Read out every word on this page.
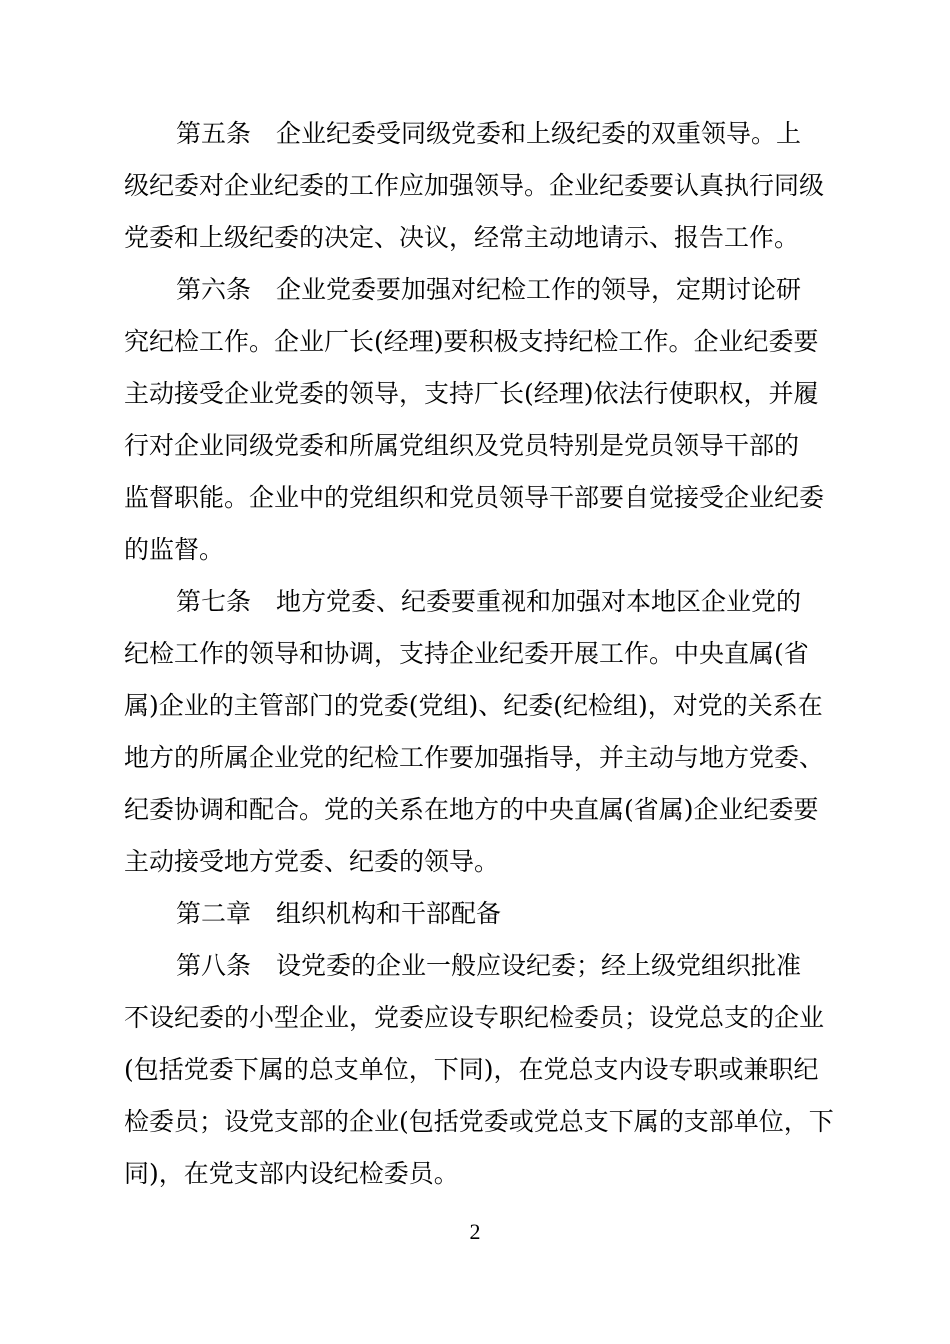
第五条　企业纪委受同级党委和上级纪委的双重领导。上
级纪委对企业纪委的工作应加强领导。企业纪委要认真执行同级
党委和上级纪委的决定、决议，经常主动地请示、报告工作。
第六条　企业党委要加强对纪检工作的领导，定期讨论研
究纪检工作。企业厂长(经理)要积极支持纪检工作。企业纪委要
主动接受企业党委的领导，支持厂长(经理)依法行使职权，并履
行对企业同级党委和所属党组织及党员特别是党员领导干部的
监督职能。企业中的党组织和党员领导干部要自觉接受企业纪委
的监督。
第七条　地方党委、纪委要重视和加强对本地区企业党的
纪检工作的领导和协调，支持企业纪委开展工作。中央直属(省
属)企业的主管部门的党委(党组)、纪委(纪检组)，对党的关系在
地方的所属企业党的纪检工作要加强指导，并主动与地方党委、
纪委协调和配合。党的关系在地方的中央直属(省属)企业纪委要
主动接受地方党委、纪委的领导。
第二章　组织机构和干部配备
第八条　设党委的企业一般应设纪委；经上级党组织批准
不设纪委的小型企业，党委应设专职纪检委员；设党总支的企业
(包括党委下属的总支单位，下同)，在党总支内设专职或兼职纪
检委员；设党支部的企业(包括党委或党总支下属的支部单位，下
同)，在党支部内设纪检委员。
2
